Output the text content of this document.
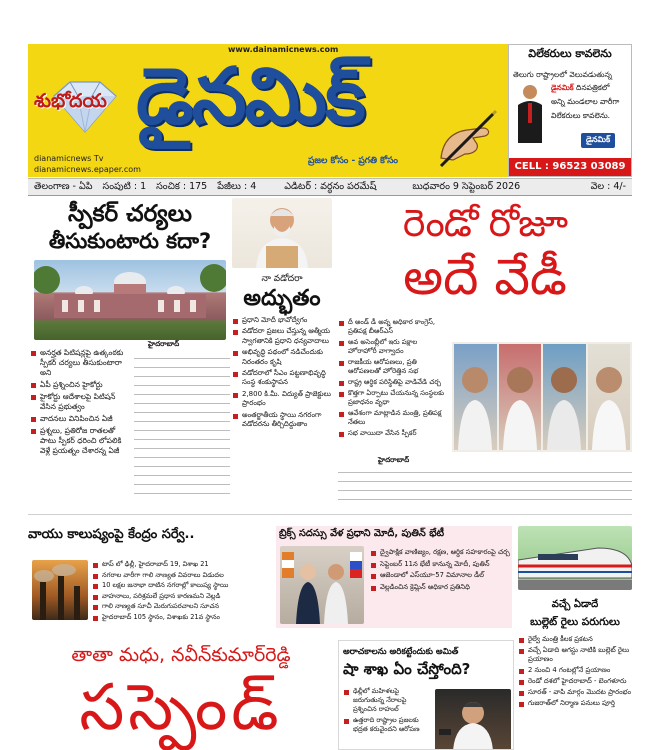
www.dainamicnews.com
శుభోదయ
dianamicnews Tv
dianamicnews.epaper.com
డైనమిక్
ప్రజల కోసం - ప్రగతి కోసం
విలేకరులు కావలెను
తెలుగు రాష్ట్రాలలో వెలువడుతున్న
డైనమిక్ దినపత్రికలో
అన్ని మండలాల వారీగా
విలేకరులు కావలెను.
డైనమిక్
CELL : 96523 03089
తెలంగాణ - ఏపి సంపుటి : 1 సంచిక : 175 పేజీలు : 4	ఎడిటర్ : వర్ధనం పరమేష్	బుధవారం 9 సెప్టెంబర్ 2026	వెల : 4/-
స్పీకర్ చర్యలు
తీసుకుంటారు కదా?
అనర్హత పిటిషన్లపై ఉత్కంఠకు స్పీకర్ చర్యలు తీసుకుంటారా అని
ఏపీ ప్రశ్నించిన హైకోర్టు
హైకోర్టు ఆదేశాలపై పిటిషన్ వేసిన ప్రభుత్వం
వాదనలు వినిపించిన ఏజీ
ప్రశ్నలు, ప్రతిరోజ రాతలతో పాటు స్పీకర్ ధరించి లోపలికి వెళ్లే ప్రయత్నం చేశారన్న ఏజీ
హైదరాబాద్
నా వడోదరా
అద్భుతం
ప్రధాని మోదీ భావోద్వేగం
వడోదరా ప్రజలు చేస్తున్న ఆత్మీయ స్వాగతానికి ప్రధాని ధన్యవాదాలు
అభివృద్ధి పథంలో నడిచేందుకు నిరంతరం కృషి
వడోదరాలో సీఎం పట్టణాభివృద్ధి సంస్థ శంకుస్థాపన
2,800 కి.మీ. విద్యుత్ ప్రాజెక్టులు ప్రారంభం
అంతర్జాతీయ స్థాయి నగరంగా వడోదరను తీర్చిదిద్దుతాం
రెండో రోజూ
అదే వేడీ
దీ అండ్ డీ అన్న అధికార కాంగ్రెస్, ప్రతిపక్ష బీఆర్ఎస్
అవ అసెంబ్లీలో ఇరు పక్షాల హోరాహోరీ వాగ్వాదం
రాజకీయ ఆరోపణలు, ప్రతి ఆరోపణలతో హోరెత్తిన సభ
రాష్ట్ర ఆర్థిక పరిస్థితిపై వాడివేడి చర్చ
కొత్తగా ఏర్పాటు చేయనున్న సంస్థలకు ప్రజాధనం వృధా
ఆవేశంగా మాట్లాడిన మంత్రి, ప్రతిపక్ష నేతలు
సభ వాయిదా వేసిన స్పీకర్
హైదరాబాద్
వాయు కాలుష్యంపై కేంద్రం సర్వే..
టాప్ లో ఢిల్లీ, హైదరాబాద్ 19, విశాఖ 21
నగరాల వారీగా గాలి నాణ్యత వివరాలు విడుదల
10 లక్షల జనాభా దాటిన నగరాల్లో కాలుష్య స్థాయి
వాహనాలు, పరిశ్రమలే ప్రధాన కారణమని వెల్లడి
గాలి నాణ్యత సూచీ మెరుగుపరచాలని సూచన
హైదరాబాద్ 105 స్థానం, విశాఖకు 21వ స్థానం
బ్రిక్స్ సదస్సు వేళ ప్రధాని మోదీ, పుతిన్ భేటీ
ద్వైపాక్షిక వాణిజ్యం, రక్షణ, ఆర్థిక సహకారంపై చర్చ
సెప్టెంబర్ 11న భేటీ కానున్న మోదీ, పుతిన్
ఆజెండాలో ఎస్‌యూ-57 విమానాల డీల్
వెల్లడించిన క్రెమ్లిన్ అధికార ప్రతినిధి
వచ్చే ఏడాదే
బుల్లెట్ రైలు పరుగులు
రైల్వే మంత్రి కీలక ప్రకటన
వచ్చే ఏడాది ఆగస్టు నాటికి బుల్లెట్ రైలు ప్రయాణం
2 నుంచి 4 గంటల్లోనే ప్రయాణం
రెండో దశలో హైదరాబాద్ - బెంగళూరు
సూరత్ - వాపి మార్గం మొదట ప్రారంభం
గుజరాత్‌లో నిర్మాణ పనులు పూర్తి
తాతా మధు, నవీన్‌కుమార్‌రెడ్డి
సస్పెండ్
అరాచకాలను అరికట్టేందుకు అమిత్
షా శాఖ ఏం చేస్తోంది?
ఢిల్లీలో మహిళలపై జరుగుతున్న నేరాలపై ప్రశ్నించిన రాహుల్
ఉత్తరాది రాష్ట్రాల ప్రజలకు భద్రత కరువైందని ఆరోపణ
